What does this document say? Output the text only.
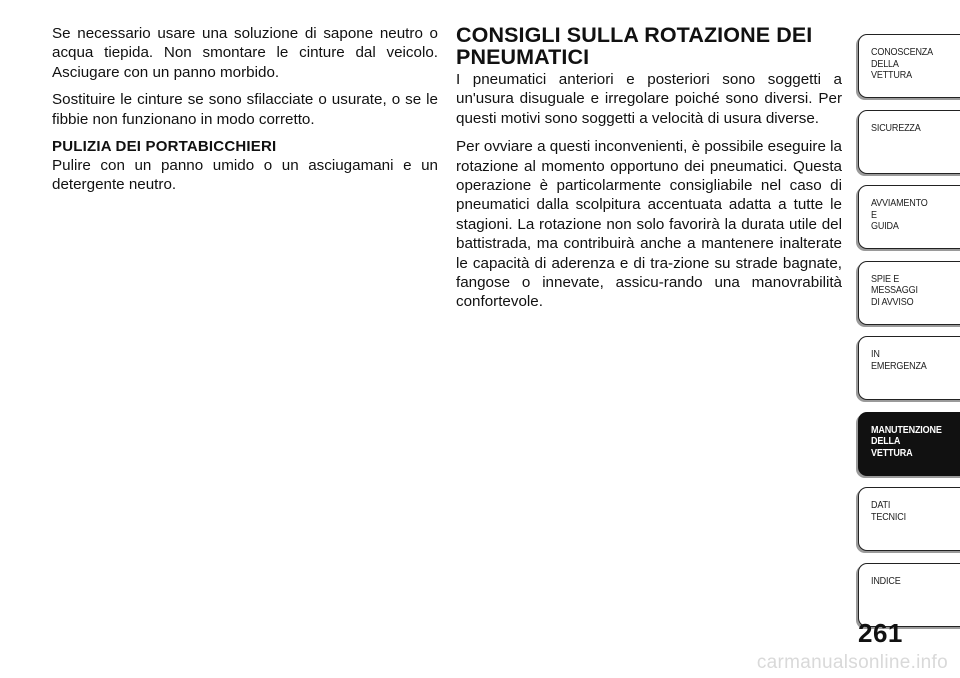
Se necessario usare una soluzione di sapone neutro o acqua tiepida. Non smontare le cinture dal veicolo. Asciugare con un panno morbido.

Sostituire le cinture se sono sfilacciate o usurate, o se le fibbie non funzionano in modo corretto.

PULIZIA DEI PORTABICCHIERI

Pulire con un panno umido o un asciugamani e un detergente neutro.

CONSIGLI SULLA ROTAZIONE DEI PNEUMATICI

I pneumatici anteriori e posteriori sono soggetti a un'usura disuguale e irregolare poiché sono diversi. Per questi motivi sono soggetti a velocità di usura diverse.

Per ovviare a questi inconvenienti, è possibile eseguire la rotazione al momento opportuno dei pneumatici. Questa operazione è particolarmente consigliabile nel caso di pneumatici dalla scolpitura accentuata adatta a tutte le stagioni. La rotazione non solo favorirà la durata utile del battistrada, ma contribuirà anche a mantenere inalterate le capacità di aderenza e di tra-zione su strade bagnate, fangose o innevate, assicu-rando una manovrabilità confortevole.

CONOSCENZA
DELLA
VETTURA
SICUREZZA
AVVIAMENTO
E
GUIDA
SPIE E
MESSAGGI
DI AVVISO
IN
EMERGENZA
MANUTENZIONE
DELLA
VETTURA
DATI
TECNICI
INDICE
261
carmanualsonline.info
